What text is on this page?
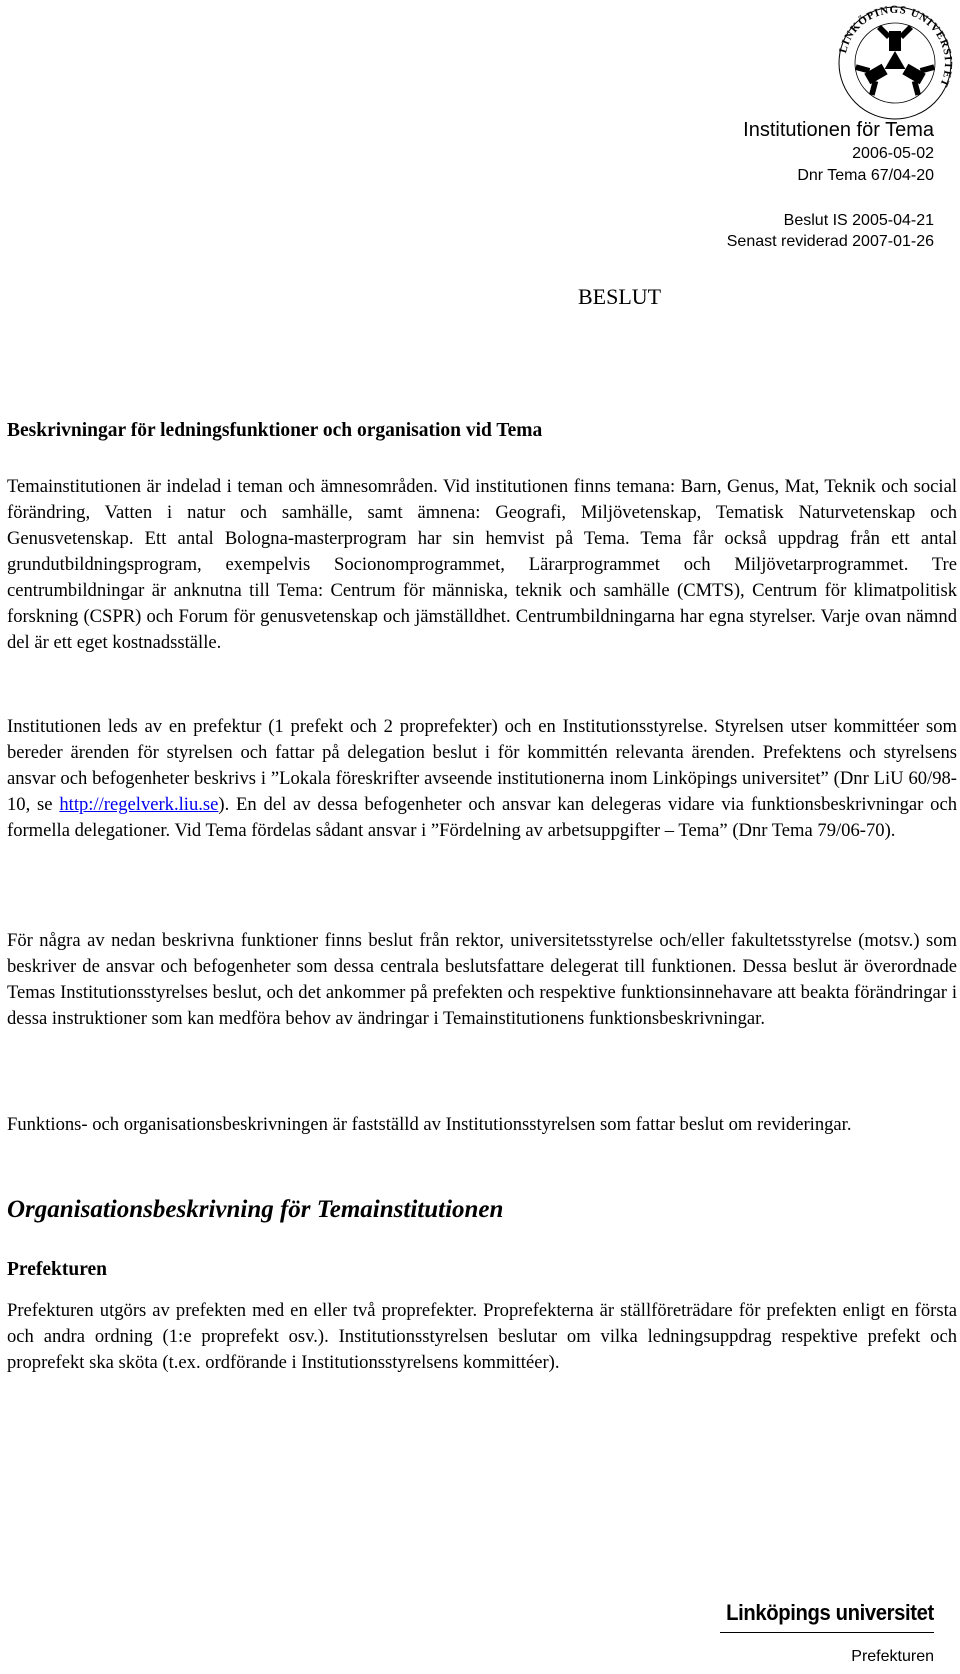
LINKÖPINGS UNIVERSITET
Institutionen för Tema
2006-05-02
Dnr Tema 67/04-20
Beslut IS 2005-04-21
Senast reviderad 2007-01-26
BESLUT
Beskrivningar för ledningsfunktioner och organisation vid Tema

Temainstitutionen är indelad i teman och ämnesområden. Vid institutionen finns temana: Barn, Genus, Mat, Teknik och social förändring, Vatten i natur och samhälle, samt ämnena: Geografi, Miljövetenskap, Tematisk Naturvetenskap och Genusvetenskap. Ett antal Bologna-masterprogram har sin hemvist på Tema. Tema får också uppdrag från ett antal grundutbildningsprogram, exempelvis Socionomprogrammet, Lärarprogrammet och Miljövetarprogrammet. Tre centrumbildningar är anknutna till Tema: Centrum för människa, teknik och samhälle (CMTS), Centrum för klimatpolitisk forskning (CSPR) och Forum för genusvetenskap och jämställdhet. Centrumbildningarna har egna styrelser. Varje ovan nämnd del är ett eget kostnadsställe.

Institutionen leds av en prefektur (1 prefekt och 2 proprefekter) och en Institutionsstyrelse. Styrelsen utser kommittéer som bereder ärenden för styrelsen och fattar på delegation beslut i för kommittén relevanta ärenden. Prefektens och styrelsens ansvar och befogenheter beskrivs i ”Lokala föreskrifter avseende institutionerna inom Linköpings universitet” (Dnr LiU 60/98-10, se http://regelverk.liu.se). En del av dessa befogenheter och ansvar kan delegeras vidare via funktionsbeskrivningar och formella delegationer. Vid Tema fördelas sådant ansvar i ”Fördelning av arbetsuppgifter – Tema” (Dnr Tema 79/06-70).

För några av nedan beskrivna funktioner finns beslut från rektor, universitetsstyrelse och/eller fakultetsstyrelse (motsv.) som beskriver de ansvar och befogenheter som dessa centrala beslutsfattare delegerat till funktionen. Dessa beslut är överordnade Temas Institutionsstyrelses beslut, och det ankommer på prefekten och respektive funktionsinnehavare att beakta förändringar i dessa instruktioner som kan medföra behov av ändringar i Temainstitutionens funktionsbeskrivningar.

Funktions- och organisationsbeskrivningen är fastställd av Institutionsstyrelsen som fattar beslut om revideringar.

Organisationsbeskrivning för Temainstitutionen
Prefekturen

Prefekturen utgörs av prefekten med en eller två proprefekter. Proprefekterna är ställföreträdare för prefekten enligt en första och andra ordning (1:e proprefekt osv.). Institutionsstyrelsen beslutar om vilka ledningsuppdrag respektive prefekt och proprefekt ska sköta (t.ex. ordförande i Institutionsstyrelsens kommittéer).

Linköpings universitet
Prefekturen
